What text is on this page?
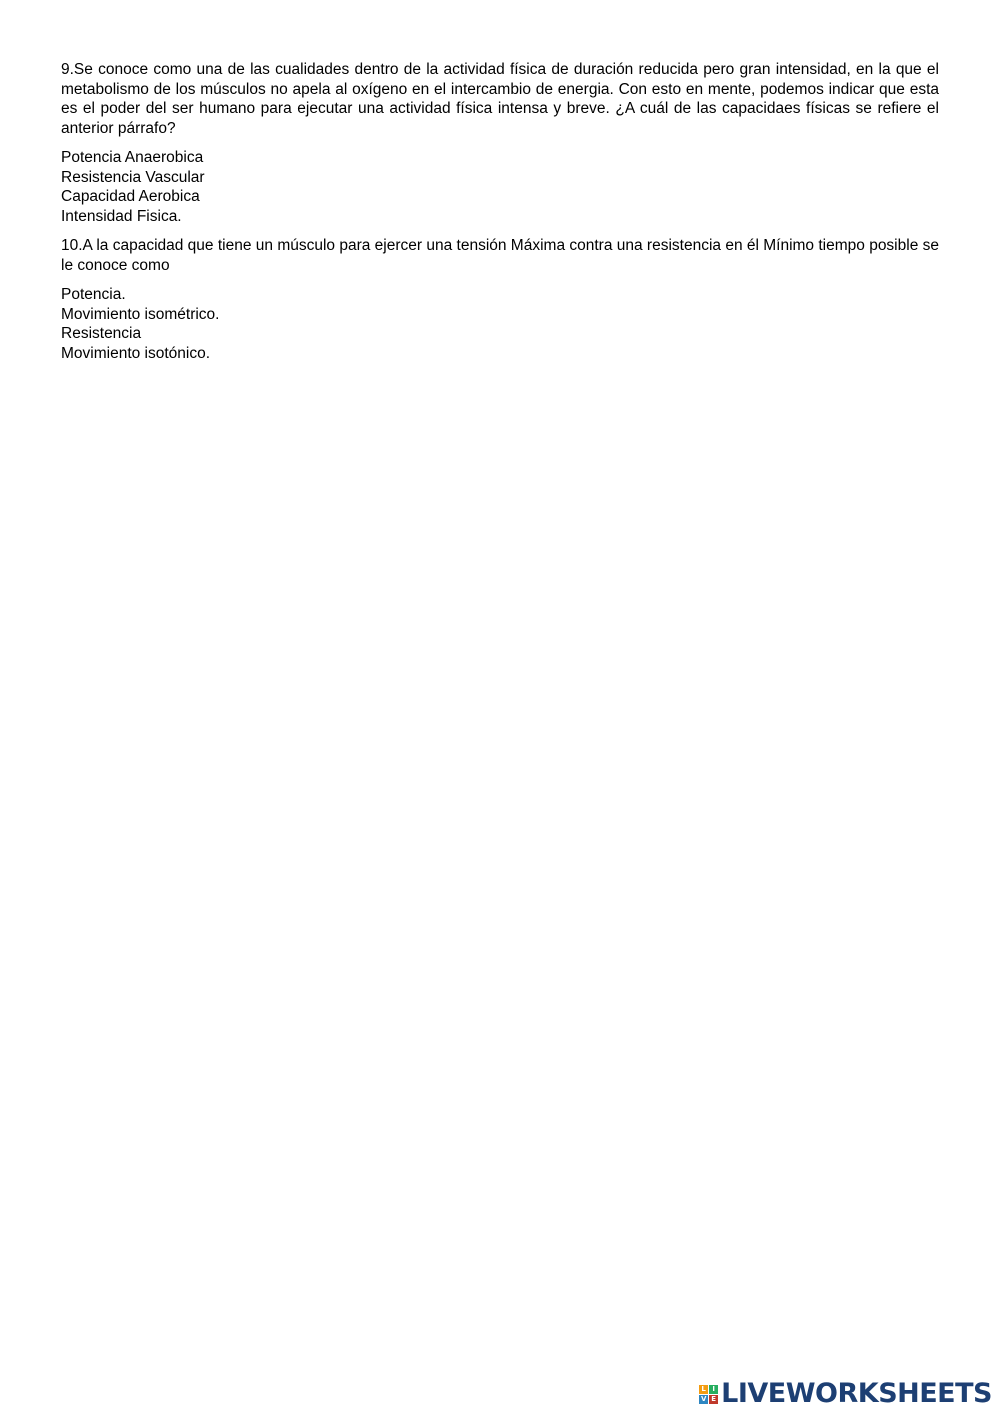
9.Se conoce como una de las cualidades dentro de la actividad física de duración reducida pero gran intensidad, en la que el metabolismo de los músculos no apela al oxígeno en el intercambio de energia. Con esto en mente, podemos indicar que esta es el poder del ser humano para ejecutar una actividad física intensa y breve. ¿A cuál de las capacidaes físicas se refiere el anterior párrafo?

Potencia Anaerobica
Resistencia Vascular
Capacidad Aerobica
Intensidad Fisica.

10.A la capacidad que tiene un músculo para ejercer una tensión Máxima contra una resistencia en él Mínimo tiempo posible se le conoce como

Potencia.
Movimiento isométrico.
Resistencia
Movimiento isotónico.
L I
V E LIVEWORKSHEETS
